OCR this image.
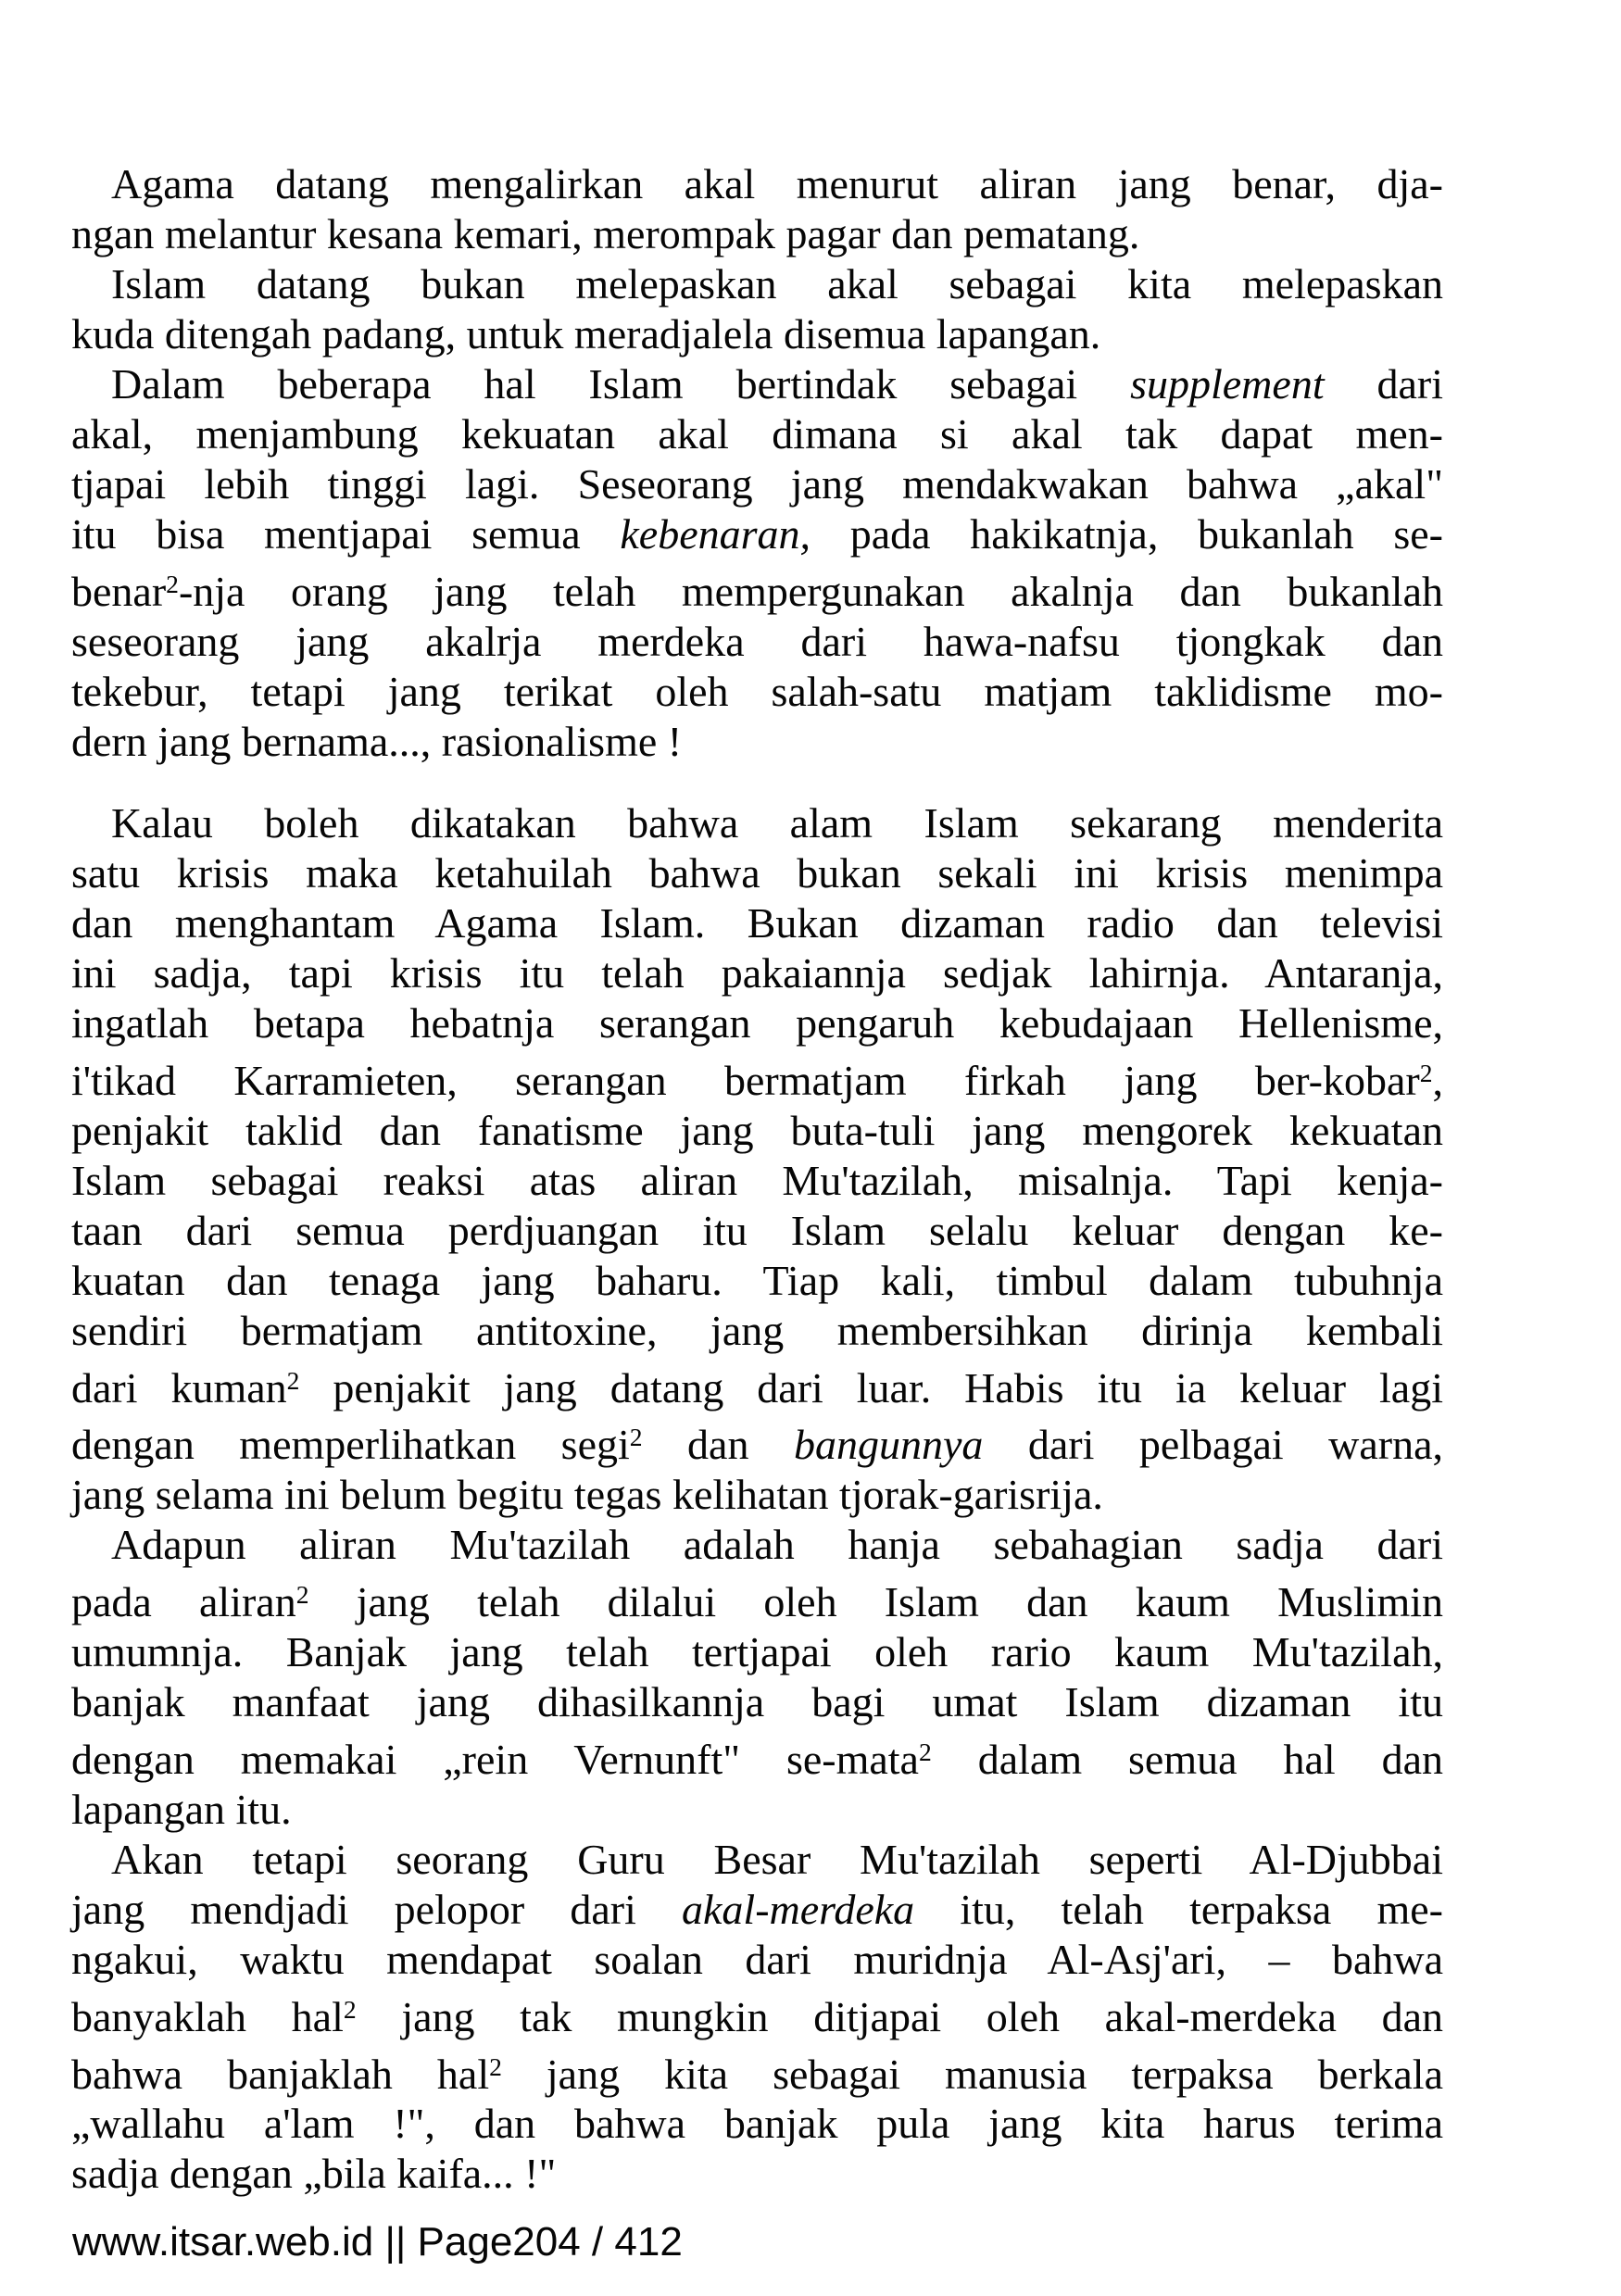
Agama datang mengalirkan akal menurut aliran jang benar, dja-
ngan melantur kesana kemari, merompak pagar dan pematang.
Islam datang bukan melepaskan akal sebagai kita melepaskan
kuda ditengah padang, untuk meradjalela disemua lapangan.
Dalam beberapa hal Islam bertindak sebagai supplement dari
akal, menjambung kekuatan akal dimana si akal tak dapat men-
tjapai lebih tinggi lagi. Seseorang jang mendakwakan bahwa „akal"
itu bisa mentjapai semua kebenaran, pada hakikatnja, bukanlah se-
benar$^2$-nja orang jang telah mempergunakan akalnja dan bukanlah
seseorang jang akalrja merdeka dari hawa-nafsu tjongkak dan
tekebur, tetapi jang terikat oleh salah-satu matjam taklidisme mo-
dern jang bernama..., rasionalisme !
Kalau boleh dikatakan bahwa alam Islam sekarang menderita
satu krisis maka ketahuilah bahwa bukan sekali ini krisis menimpa
dan menghantam Agama Islam. Bukan dizaman radio dan televisi
ini sadja, tapi krisis itu telah pakaiannja sedjak lahirnja. Antaranja,
ingatlah betapa hebatnja serangan pengaruh kebudajaan Hellenisme,
i'tikad Karramieten, serangan bermatjam firkah jang ber-kobar$^2$,
penjakit taklid dan fanatisme jang buta-tuli jang mengorek kekuatan
Islam sebagai reaksi atas aliran Mu'tazilah, misalnja. Tapi kenja-
taan dari semua perdjuangan itu Islam selalu keluar dengan ke-
kuatan dan tenaga jang baharu. Tiap kali, timbul dalam tubuhnja
sendiri bermatjam antitoxine, jang membersihkan dirinja kembali
dari kuman$^2$ penjakit jang datang dari luar. Habis itu ia keluar lagi
dengan memperlihatkan segi$^2$ dan bangunnya dari pelbagai warna,
jang selama ini belum begitu tegas kelihatan tjorak-garisrija.
Adapun aliran Mu'tazilah adalah hanja sebahagian sadja dari
pada aliran$^2$ jang telah dilalui oleh Islam dan kaum Muslimin
umumnja. Banjak jang telah tertjapai oleh rario kaum Mu'tazilah,
banjak manfaat jang dihasilkannja bagi umat Islam dizaman itu
dengan memakai „rein Vernunft" se-mata$^2$ dalam semua hal dan
lapangan itu.
Akan tetapi seorang Guru Besar Mu'tazilah seperti Al-Djubbai
jang mendjadi pelopor dari akal-merdeka itu, telah terpaksa me-
ngakui, waktu mendapat soalan dari muridnja Al-Asj'ari, – bahwa
banyaklah hal$^2$ jang tak mungkin ditjapai oleh akal-merdeka dan
bahwa banjaklah hal$^2$ jang kita sebagai manusia terpaksa berkala
„wallahu a'lam !", dan bahwa banjak pula jang kita harus terima
sadja dengan „bila kaifa... !"
www.itsar.web.id || Page204 / 412
